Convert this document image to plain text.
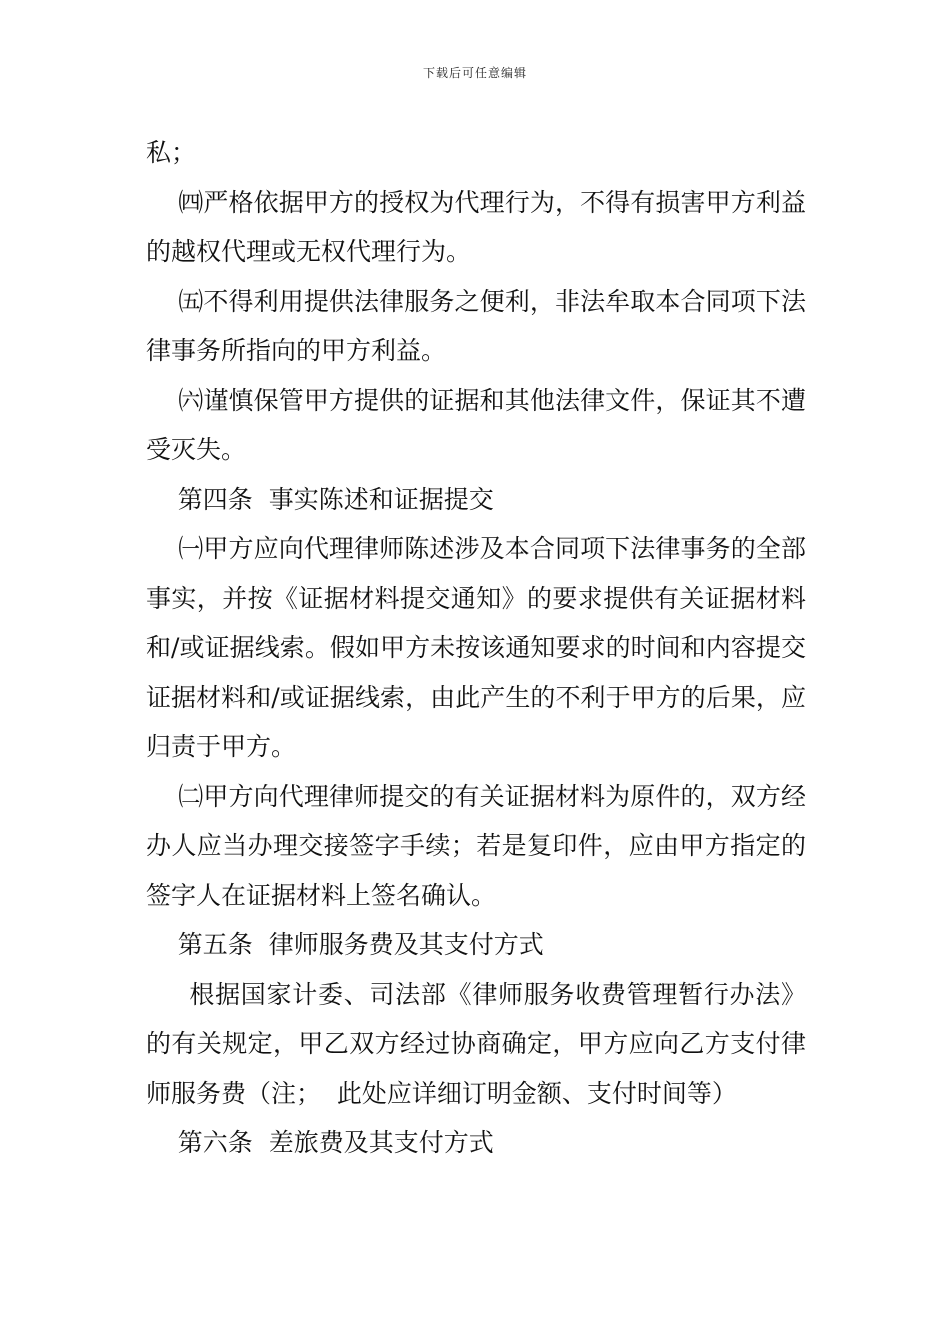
下载后可任意编辑

私；

㈣严格依据甲方的授权为代理行为，不得有损害甲方利益的越权代理或无权代理行为。

㈤不得利用提供法律服务之便利，非法牟取本合同项下法律事务所指向的甲方利益。

㈥谨慎保管甲方提供的证据和其他法律文件，保证其不遭受灭失。

第四条  事实陈述和证据提交

㈠甲方应向代理律师陈述涉及本合同项下法律事务的全部事实，并按《证据材料提交通知》的要求提供有关证据材料和/或证据线索。假如甲方未按该通知要求的时间和内容提交证据材料和/或证据线索，由此产生的不利于甲方的后果，应归责于甲方。

㈡甲方向代理律师提交的有关证据材料为原件的，双方经办人应当办理交接签字手续；若是复印件，应由甲方指定的签字人在证据材料上签名确认。

第五条  律师服务费及其支付方式

根据国家计委、司法部《律师服务收费管理暂行办法》的有关规定，甲乙双方经过协商确定，甲方应向乙方支付律师服务费（注；  此处应详细订明金额、支付时间等）

第六条  差旅费及其支付方式
